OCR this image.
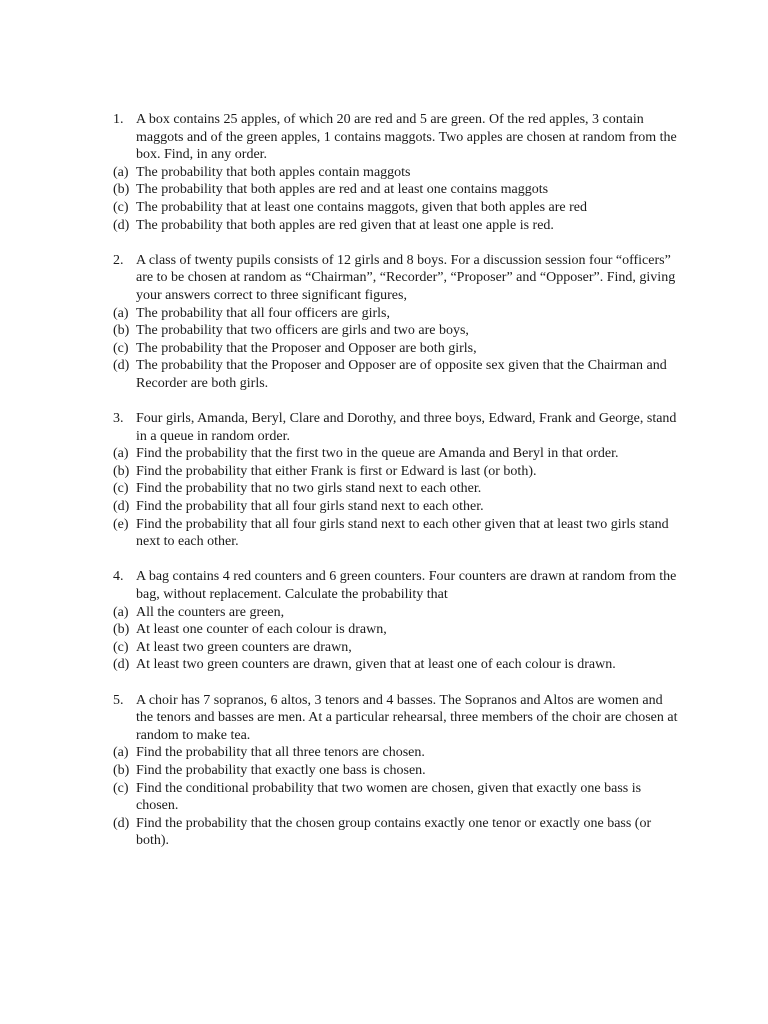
1. A box contains 25 apples, of which 20 are red and 5 are green. Of the red apples, 3 contain maggots and of the green apples, 1 contains maggots. Two apples are chosen at random from the box. Find, in any order.
(a) The probability that both apples contain maggots
(b) The probability that both apples are red and at least one contains maggots
(c) The probability that at least one contains maggots, given that both apples are red
(d) The probability that both apples are red given that at least one apple is red.
2. A class of twenty pupils consists of 12 girls and 8 boys. For a discussion session four “officers” are to be chosen at random as “Chairman”, “Recorder”, “Proposer” and “Opposer”. Find, giving your answers correct to three significant figures,
(a) The probability that all four officers are girls,
(b) The probability that two officers are girls and two are boys,
(c) The probability that the Proposer and Opposer are both girls,
(d) The probability that the Proposer and Opposer are of opposite sex given that the Chairman and Recorder are both girls.
3. Four girls, Amanda, Beryl, Clare and Dorothy, and three boys, Edward, Frank and George, stand in a queue in random order.
(a) Find the probability that the first two in the queue are Amanda and Beryl in that order.
(b) Find the probability that either Frank is first or Edward is last (or both).
(c) Find the probability that no two girls stand next to each other.
(d) Find the probability that all four girls stand next to each other.
(e) Find the probability that all four girls stand next to each other given that at least two girls stand next to each other.
4. A bag contains 4 red counters and 6 green counters. Four counters are drawn at random from the bag, without replacement. Calculate the probability that
(a) All the counters are green,
(b) At least one counter of each colour is drawn,
(c) At least two green counters are drawn,
(d) At least two green counters are drawn, given that at least one of each colour is drawn.
5. A choir has 7 sopranos, 6 altos, 3 tenors and 4 basses. The Sopranos and Altos are women and the tenors and basses are men. At a particular rehearsal, three members of the choir are chosen at random to make tea.
(a) Find the probability that all three tenors are chosen.
(b) Find the probability that exactly one bass is chosen.
(c) Find the conditional probability that two women are chosen, given that exactly one bass is chosen.
(d) Find the probability that the chosen group contains exactly one tenor or exactly one bass (or both).
